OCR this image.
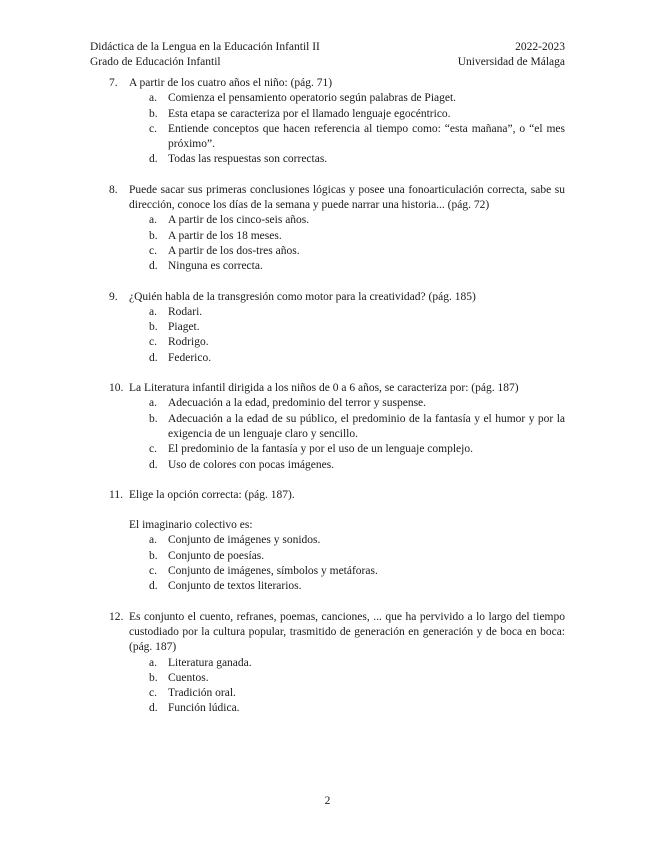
Didáctica de la Lengua en la Educación Infantil II	2022-2023
Grado de Educación Infantil	Universidad de Málaga
7. A partir de los cuatro años el niño: (pág. 71)
a. Comienza el pensamiento operatorio según palabras de Piaget.
b. Esta etapa se caracteriza por el llamado lenguaje egocéntrico.
c. Entiende conceptos que hacen referencia al tiempo como: “esta mañana”, o “el mes próximo”.
d. Todas las respuestas son correctas.
8. Puede sacar sus primeras conclusiones lógicas y posee una fonoarticulación correcta, sabe su dirección, conoce los días de la semana y puede narrar una historia... (pág. 72)
a. A partir de los cinco-seis años.
b. A partir de los 18 meses.
c. A partir de los dos-tres años.
d. Ninguna es correcta.
9. ¿Quién habla de la transgresión como motor para la creatividad? (pág. 185)
a. Rodari.
b. Piaget.
c. Rodrigo.
d. Federico.
10. La Literatura infantil dirigida a los niños de 0 a 6 años, se caracteriza por: (pág. 187)
a. Adecuación a la edad, predominio del terror y suspense.
b. Adecuación a la edad de su público, el predominio de la fantasía y el humor y por la exigencia de un lenguaje claro y sencillo.
c. El predominio de la fantasía y por el uso de un lenguaje complejo.
d. Uso de colores con pocas imágenes.
11. Elige la opción correcta: (pág. 187).
El imaginario colectivo es:
a. Conjunto de imágenes y sonidos.
b. Conjunto de poesías.
c. Conjunto de imágenes, símbolos y metáforas.
d. Conjunto de textos literarios.
12. Es conjunto el cuento, refranes, poemas, canciones, ... que ha pervivido a lo largo del tiempo custodiado por la cultura popular, trasmitido de generación en generación y de boca en boca: (pág. 187)
a. Literatura ganada.
b. Cuentos.
c. Tradición oral.
d. Función lúdica.
2
